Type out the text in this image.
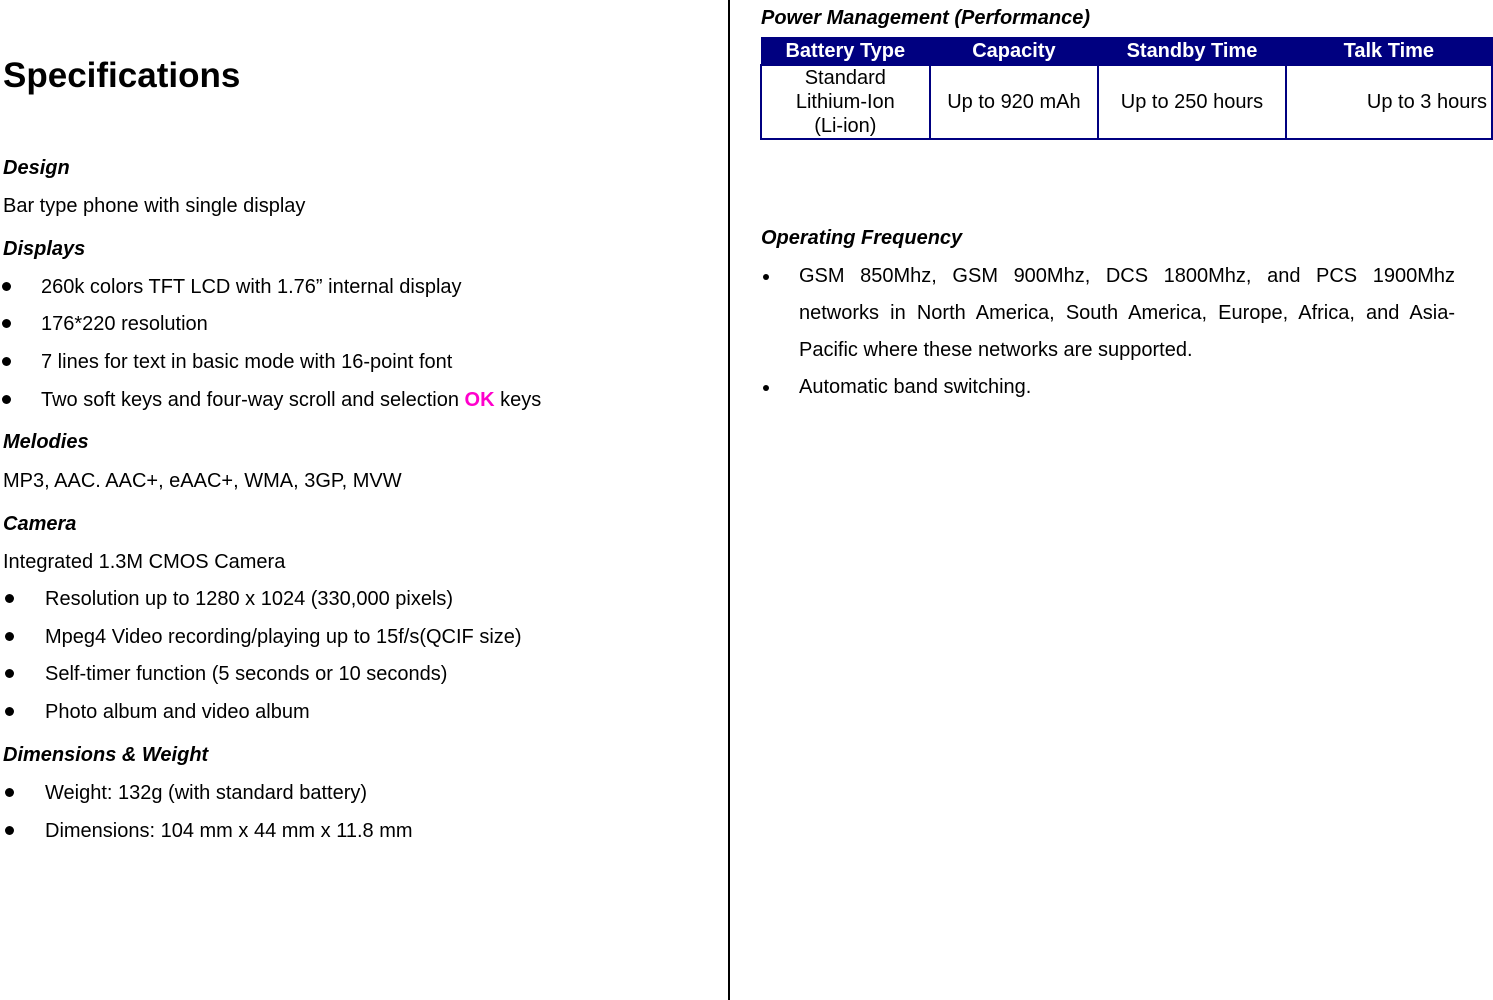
Specifications

Design

Bar type phone with single display

Displays

260k colors TFT LCD with 1.76” internal display
176*220 resolution
7 lines for text in basic mode with 16-point font
Two soft keys and four-way scroll and selection OK keys

Melodies

MP3, AAC. AAC+, eAAC+, WMA, 3GP, MVW

Camera

Integrated 1.3M CMOS Camera

Resolution up to 1280 x 1024 (330,000 pixels)
Mpeg4 Video recording/playing up to 15f/s(QCIF size)
Self-timer function (5 seconds or 10 seconds)
Photo album and video album

Dimensions & Weight

Weight: 132g (with standard battery)
Dimensions: 104 mm x 44 mm x 11.8 mm

Power Management (Performance)

Battery Type	Capacity	Standby Time	Talk Time
Standard
Lithium-Ion
(Li-ion)	Up to 920 mAh	Up to 250 hours	Up to 3 hours

Operating Frequency

GSM 850Mhz, GSM 900Mhz, DCS 1800Mhz, and PCS 1900Mhz

networks in North America, South America, Europe, Africa, and Asia-

Pacific where these networks are supported.

Automatic band switching.
